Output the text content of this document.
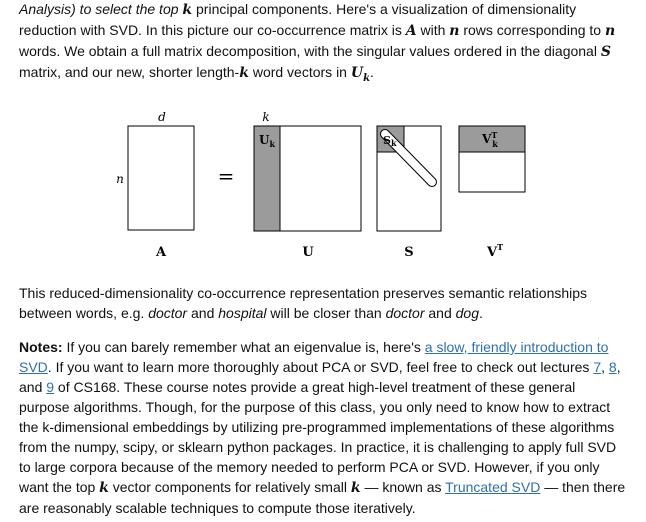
Analysis) to select the top k principal components. Here's a visualization of dimensionality
reduction with SVD. In this picture our co-occurrence matrix is A with n rows corresponding to n
words. We obtain a full matrix decomposition, with the singular values ordered in the diagonal S
matrix, and our new, shorter length-k word vectors in $U_k$.

d
n	=
k
$U_k$	Sk	$V^T$ k
A	U	S	$V^T$

This reduced-dimensionality co-occurrence representation preserves semantic relationships between words, e.g. doctor and hospital will be closer than doctor and dog.

Notes: If you can barely remember what an eigenvalue is, here's a slow, friendly introduction to SVD. If you want to learn more thoroughly about PCA or SVD, feel free to check out lectures 7, 8, and 9 of CS168. These course notes provide a great high-level treatment of these general purpose algorithms. Though, for the purpose of this class, you only need to know how to extract the k-dimensional embeddings by utilizing pre-programmed implementations of these algorithms from the numpy, scipy, or sklearn python packages. In practice, it is challenging to apply full SVD to large corpora because of the memory needed to perform PCA or SVD. However, if you only want the top k vector components for relatively small k — known as Truncated SVD — then there are reasonably scalable techniques to compute those iteratively.
